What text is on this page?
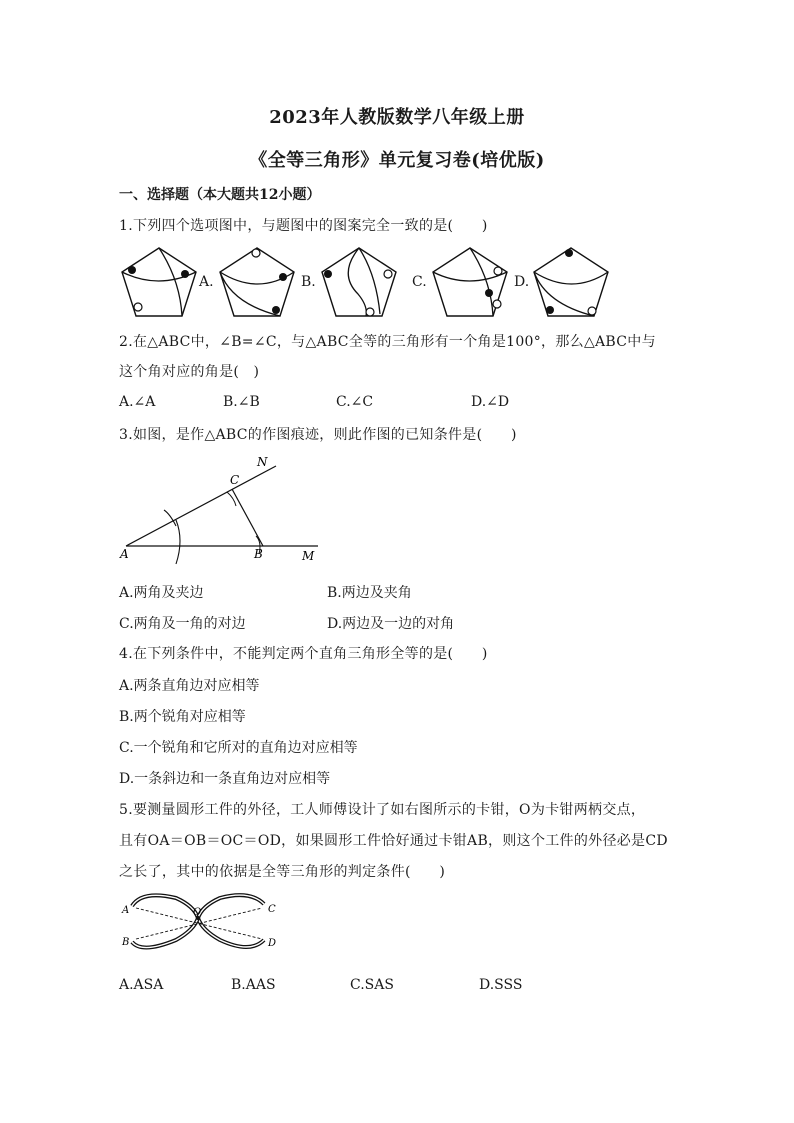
2023年人教版数学八年级上册
《全等三角形》单元复习卷(培优版)
一、选择题（本大题共12小题）
1.下列四个选项图中，与题图中的图案完全一致的是(　　)
A.	B.	C.	D.
2.在△ABC中，∠B=∠C，与△ABC全等的三角形有一个角是100°，那么△ABC中与
这个角对应的角是(　)
A.∠A	B.∠B	C.∠C	D.∠D
3.如图，是作△ABC的作图痕迹，则此作图的已知条件是(　　)
N
C
A	B	M
A.两角及夹边	B.两边及夹角
C.两角及一角的对边	D.两边及一边的对角
4.在下列条件中，不能判定两个直角三角形全等的是(　　)
A.两条直角边对应相等
B.两个锐角对应相等
C.一个锐角和它所对的直角边对应相等
D.一条斜边和一条直角边对应相等
5.要测量圆形工件的外径，工人师傅设计了如右图所示的卡钳，O为卡钳两柄交点，
且有OA＝OB＝OC＝OD，如果圆形工件恰好通过卡钳AB，则这个工件的外径必是CD
之长了，其中的依据是全等三角形的判定条件(　　)
A
B
O	C
D
A.ASA	B.AAS	C.SAS	D.SSS
